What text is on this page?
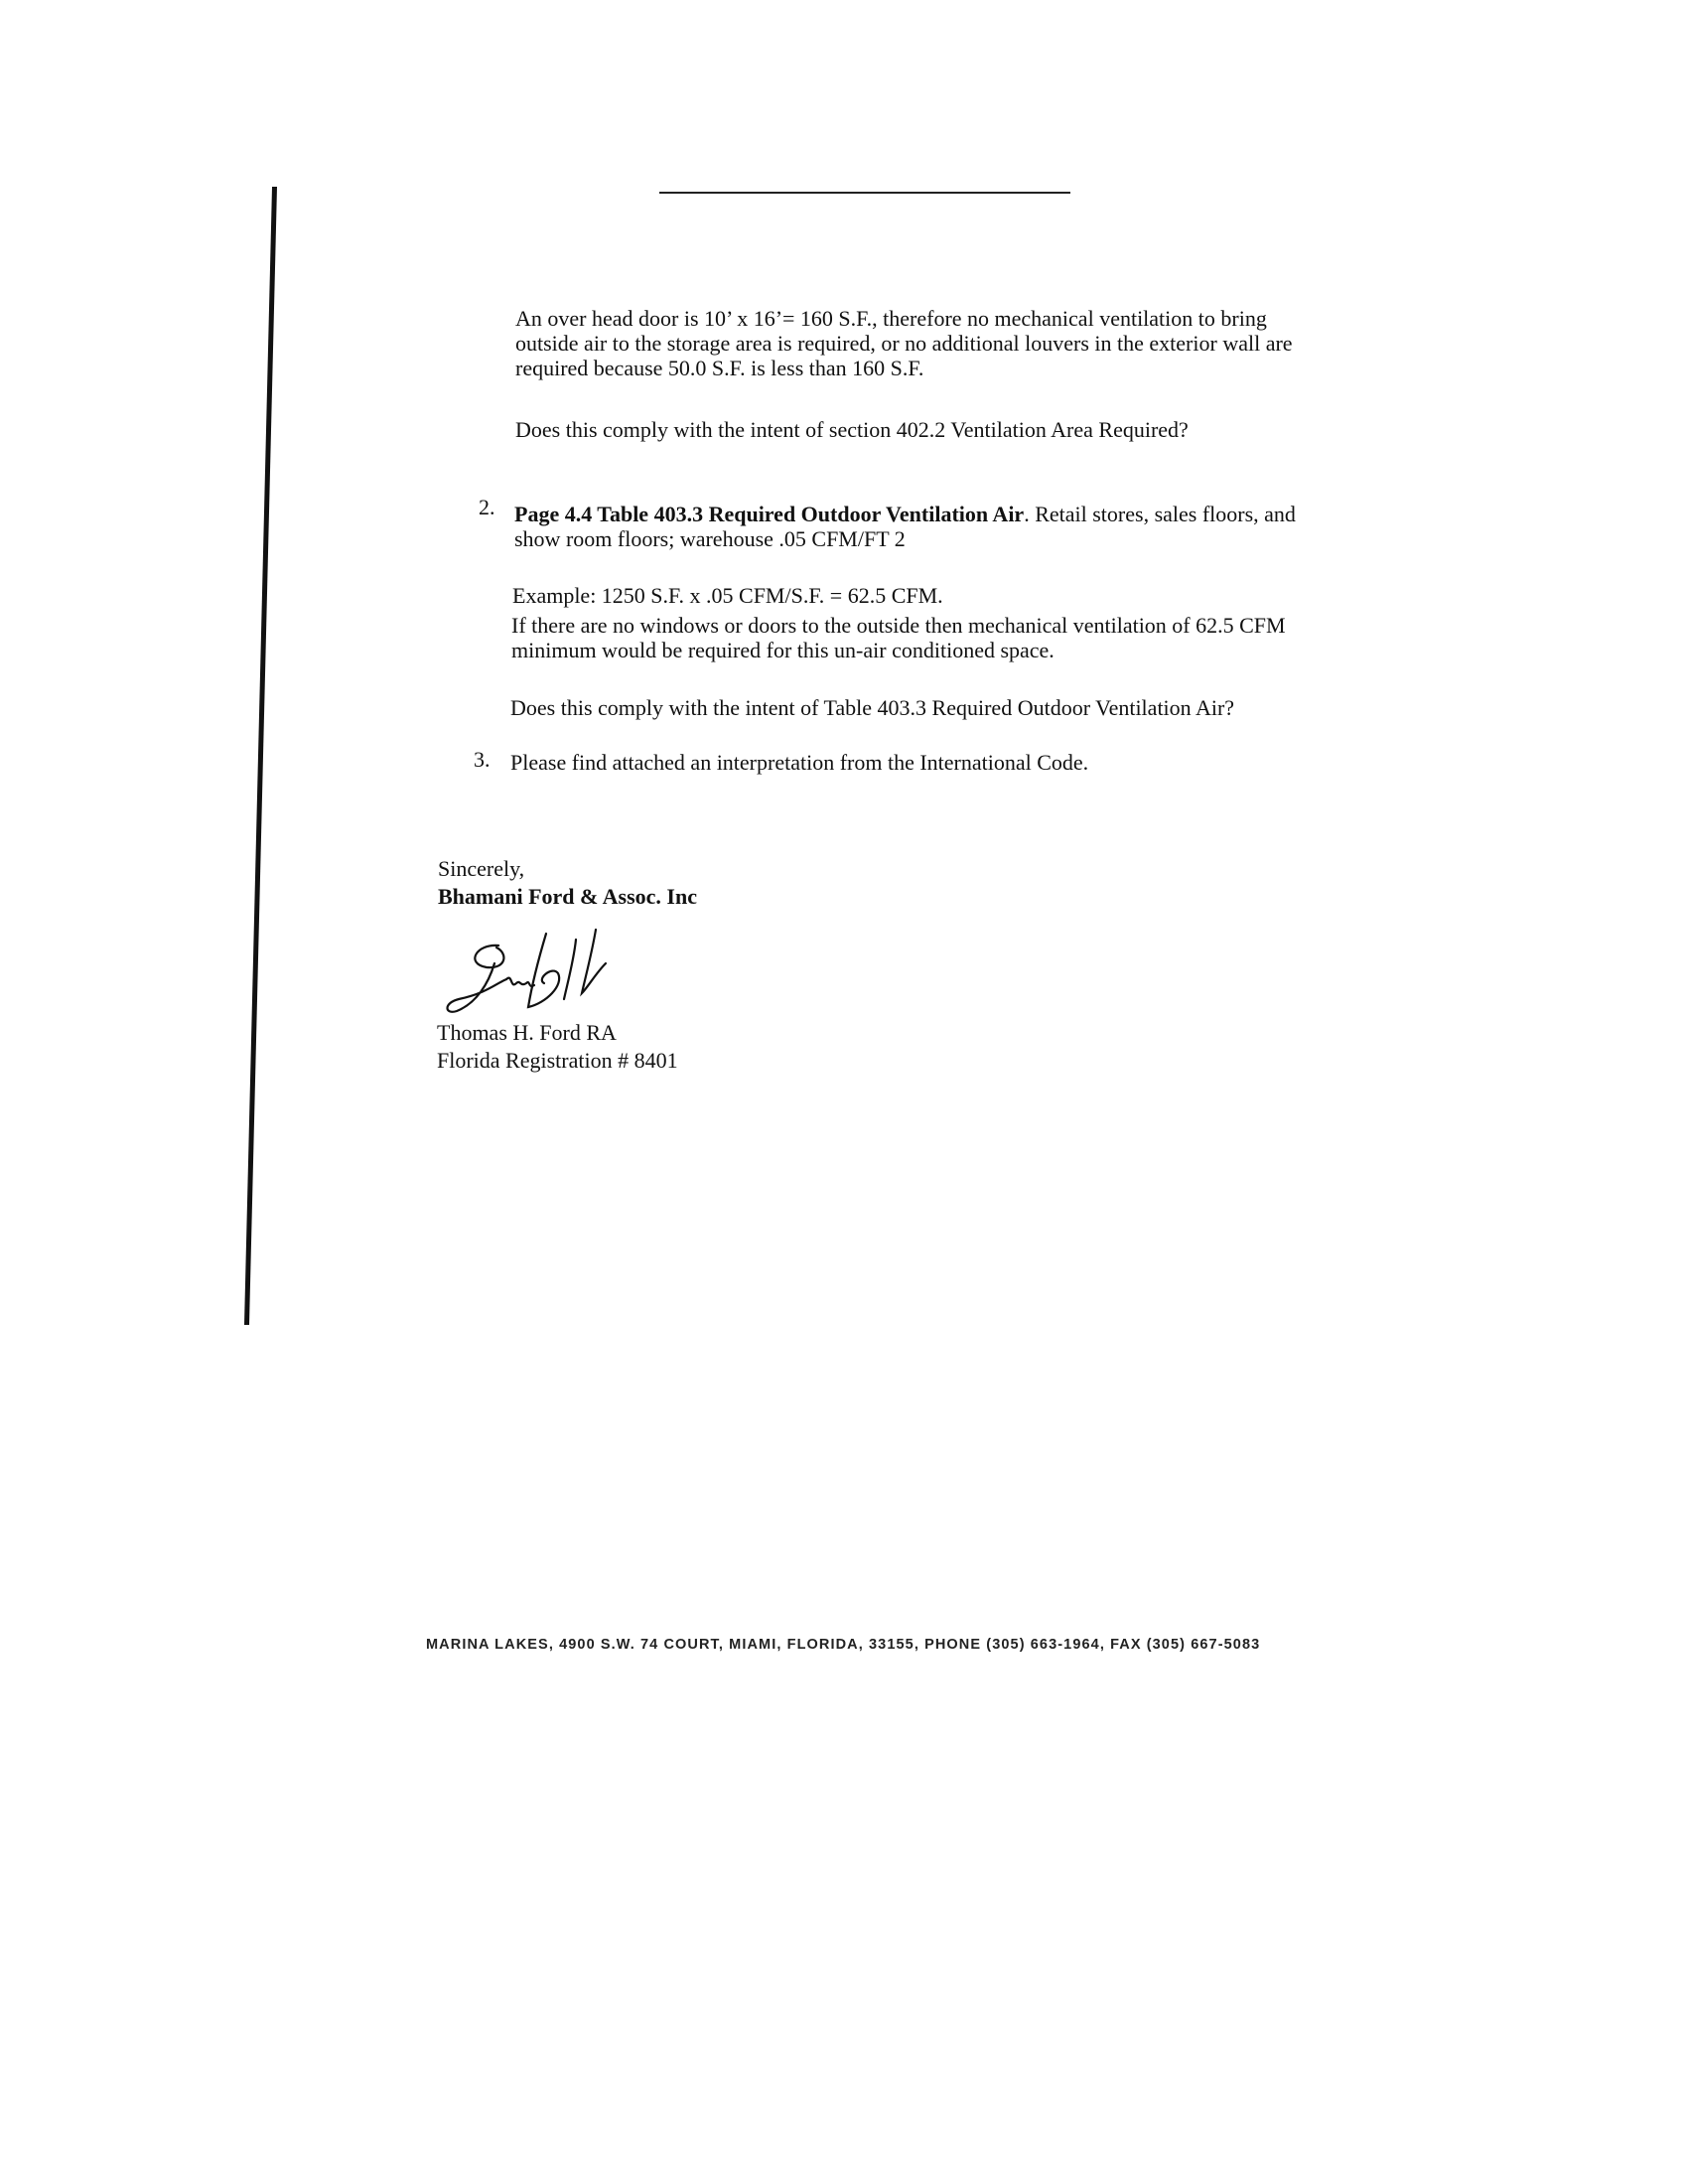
An over head door is 10’ x 16’= 160 S.F., therefore no mechanical ventilation to bring
outside air to the storage area is required, or no additional louvers in the exterior wall are
required because 50.0 S.F. is less than 160 S.F.
Does this comply with the intent of section 402.2 Ventilation Area Required?
2. Page 4.4 Table 403.3 Required Outdoor Ventilation Air. Retail stores, sales floors, and
show room floors; warehouse .05 CFM/FT 2
Example: 1250 S.F. x .05 CFM/S.F. = 62.5 CFM.
If there are no windows or doors to the outside then mechanical ventilation of 62.5 CFM
minimum would be required for this un-air conditioned space.
Does this comply with the intent of Table 403.3 Required Outdoor Ventilation Air?
3. Please find attached an interpretation from the International Code.
Sincerely,
Bhamani Ford & Assoc. Inc
Thomas H. Ford RA
Florida Registration # 8401
MARINA LAKES, 4900 S.W. 74 COURT, MIAMI, FLORIDA, 33155, PHONE (305) 663-1964, FAX (305) 667-5083
